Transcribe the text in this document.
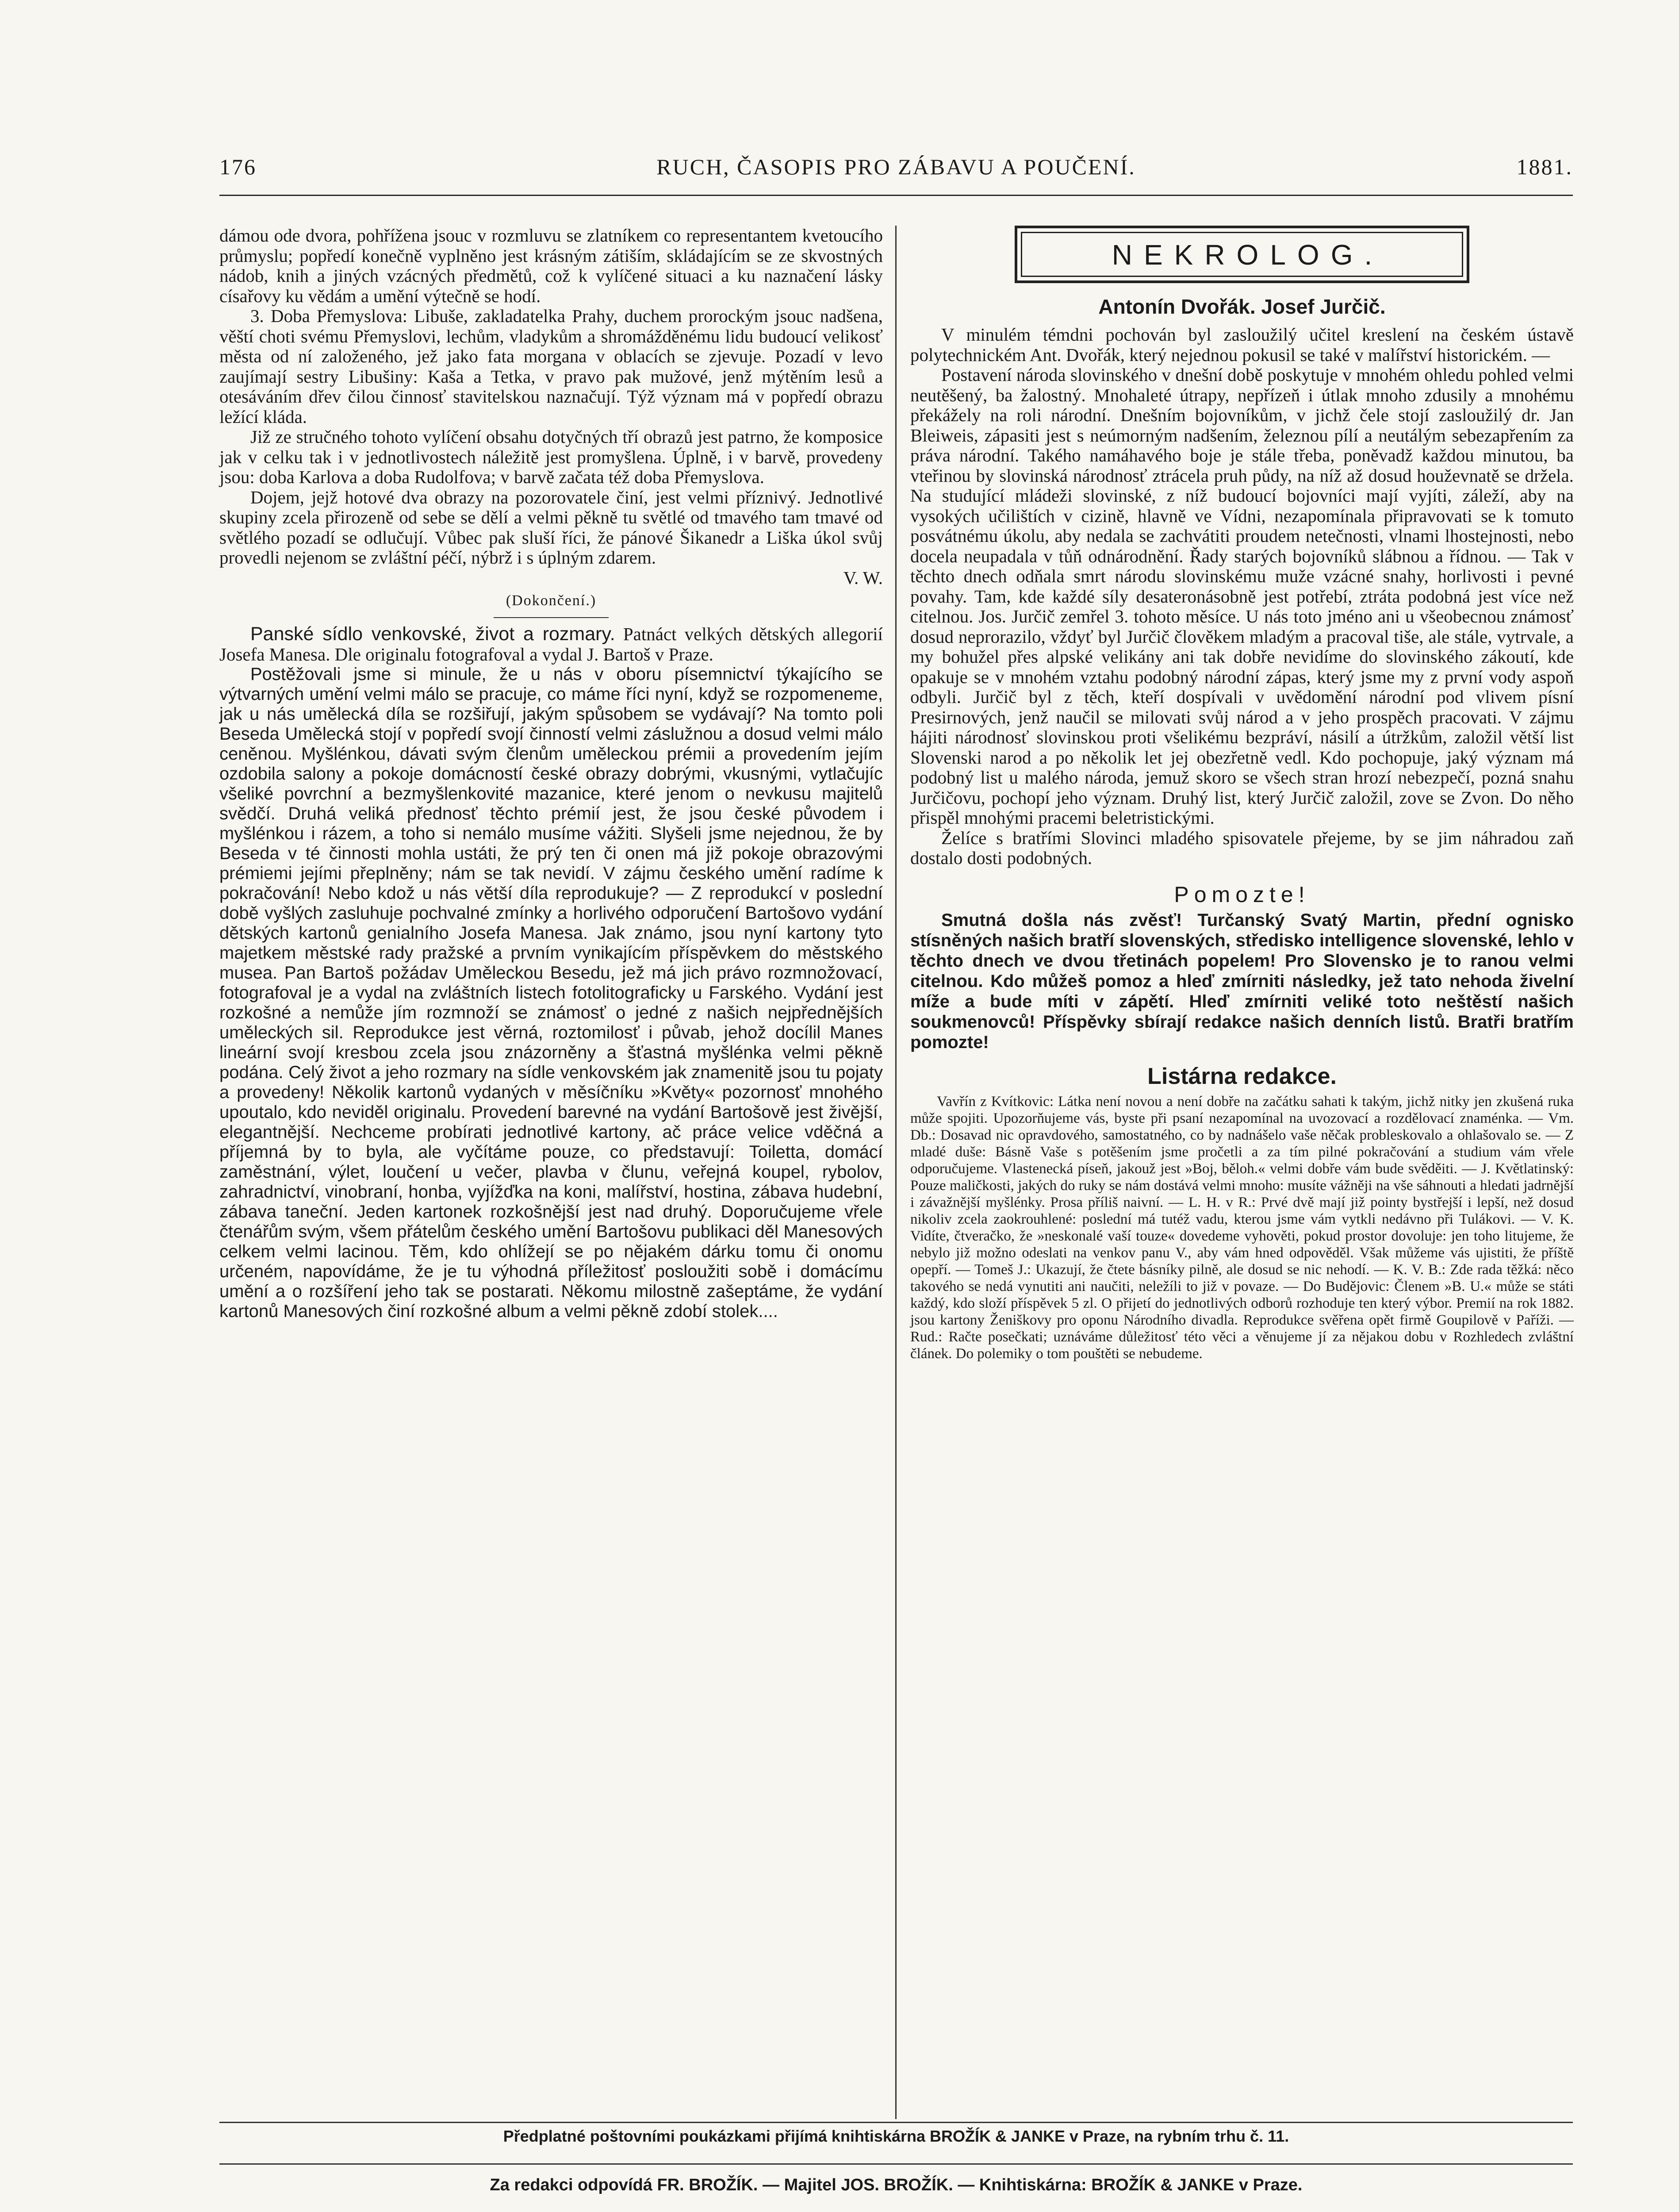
176	RUCH, ČASOPIS PRO ZÁBAVU A POUČENÍ.	1881.

dámou ode dvora, pohřížena jsouc v rozmluvu se zlatníkem co representantem kvetoucího průmyslu; popředí konečně vyplněno jest krásným zátiším, skládajícím se ze skvostných nádob, knih a jiných vzácných předmětů, což k vylíčené situaci a ku naznačení lásky císařovy ku vědám a umění výtečně se hodí.

3. Doba Přemyslova: Libuše, zakladatelka Prahy, duchem prorockým jsouc nadšena, věští choti svému Přemyslovi, lechům, vladykům a shromážděnému lidu budoucí velikosť města od ní založeného, jež jako fata morgana v oblacích se zjevuje. Pozadí v levo zaujímají sestry Libušiny: Kaša a Tetka, v pravo pak mužové, jenž mýtěním lesů a otesáváním dřev čilou činnosť stavitelskou naznačují. Týž význam má v popředí obrazu ležící kláda.

Již ze stručného tohoto vylíčení obsahu dotyčných tří obrazů jest patrno, že komposice jak v celku tak i v jednotlivostech náležitě jest promyšlena. Úplně, i v barvě, provedeny jsou: doba Karlova a doba Rudolfova; v barvě začata též doba Přemyslova.

Dojem, jejž hotové dva obrazy na pozorovatele činí, jest velmi příznivý. Jednotlivé skupiny zcela přirozeně od sebe se dělí a velmi pěkně tu světlé od tmavého tam tmavé od světlého pozadí se odlučují. Vůbec pak sluší říci, že pánové Šikanedr a Liška úkol svůj provedli nejenom se zvláštní péčí, nýbrž i s úplným zdarem.

V. W.
(Dokončení.)

Panské sídlo venkovské, život a rozmary. Patnáct velkých dětských allegorií Josefa Manesa. Dle originalu fotografoval a vydal J. Bartoš v Praze.

Postěžovali jsme si minule, že u nás v oboru písemnictví týkajícího se výtvarných umění velmi málo se pracuje, co máme říci nyní, když se rozpomeneme, jak u nás umělecká díla se rozšiřují, jakým spůsobem se vydávají? Na tomto poli Beseda Umělecká stojí v popředí svojí činností velmi záslužnou a dosud velmi málo ceněnou. Myšlénkou, dávati svým členům uměleckou prémii a provedením jejím ozdobila salony a pokoje domácností české obrazy dobrými, vkusnými, vytlačujíc všeliké povrchní a bezmyšlenkovité mazanice, které jenom o nevkusu majitelů svědčí. Druhá veliká přednosť těchto prémií jest, že jsou české původem i myšlénkou i rázem, a toho si nemálo musíme vážiti. Slyšeli jsme nejednou, že by Beseda v té činnosti mohla ustáti, že prý ten či onen má již pokoje obrazovými prémiemi jejími přeplněny; nám se tak nevidí. V zájmu českého umění radíme k pokračování! Nebo kdož u nás větší díla reprodukuje? — Z reprodukcí v poslední době vyšlých zasluhuje pochvalné zmínky a horlivého odporučení Bartošovo vydání dětských kartonů genialního Josefa Manesa. Jak známo, jsou nyní kartony tyto majetkem městské rady pražské a prvním vynikajícím příspěvkem do městského musea. Pan Bartoš požádav Uměleckou Besedu, jež má jich právo rozmnožovací, fotografoval je a vydal na zvláštních listech fotolitograficky u Farského. Vydání jest rozkošné a nemůže jím rozmnoží se známosť o jedné z našich nejpřednějších uměleckých sil. Reprodukce jest věrná, roztomilosť i půvab, jehož docílil Manes lineární svojí kresbou zcela jsou znázorněny a šťastná myšlénka velmi pěkně podána. Celý život a jeho rozmary na sídle venkovském jak znamenitě jsou tu pojaty a provedeny! Několik kartonů vydaných v měsíčníku »Květy« pozornosť mnohého upoutalo, kdo neviděl originalu. Provedení barevné na vydání Bartošově jest živější, elegantnější. Nechceme probírati jednotlivé kartony, ač práce velice vděčná a příjemná by to byla, ale vyčítáme pouze, co představují: Toiletta, domácí zaměstnání, výlet, loučení u večer, plavba v člunu, veřejná koupel, rybolov, zahradnictví, vinobraní, honba, vyjížďka na koni, malířství, hostina, zábava hudební, zábava taneční. Jeden kartonek rozkošnější jest nad druhý. Doporučujeme vřele čtenářům svým, všem přátelům českého umění Bartošovu publikaci děl Manesových celkem velmi lacinou. Těm, kdo ohlížejí se po nějakém dárku tomu či onomu určeném, napovídáme, že je tu výhodná příležitosť posloužiti sobě i domácímu umění a o rozšíření jeho tak se postarati. Někomu milostně zašeptáme, že vydání kartonů Manesových činí rozkošné album a velmi pěkně zdobí stolek....

NEKROLOG.
Antonín Dvořák. Josef Jurčič.

V minulém témdni pochován byl zasloužilý učitel kreslení na českém ústavě polytechnickém Ant. Dvořák, který nejednou pokusil se také v malířství historickém. —

Postavení národa slovinského v dnešní době poskytuje v mnohém ohledu pohled velmi neutěšený, ba žalostný. Mnohaleté útrapy, nepřízeň i útlak mnoho zdusily a mnohému překážely na roli národní. Dnešním bojovníkům, v jichž čele stojí zasloužilý dr. Jan Bleiweis, zápasiti jest s neúmorným nadšením, železnou pílí a neutálým sebezapřením za práva národní. Takého namáhavého boje je stále třeba, poněvadž každou minutou, ba vteřinou by slovinská národnosť ztrácela pruh půdy, na níž až dosud houževnatě se držela. Na studující mládeži slovinské, z níž budoucí bojovníci mají vyjíti, záleží, aby na vysokých učilištích v cizině, hlavně ve Vídni, nezapomínala připravovati se k tomuto posvátnému úkolu, aby nedala se zachvátiti proudem netečnosti, vlnami lhostejnosti, nebo docela neupadala v tůň odnárodnění. Řady starých bojovníků slábnou a řídnou. — Tak v těchto dnech odňala smrt národu slovinskému muže vzácné snahy, horlivosti i pevné povahy. Tam, kde každé síly desateronásobně jest potřebí, ztráta podobná jest více než citelnou. Jos. Jurčič zemřel 3. tohoto měsíce. U nás toto jméno ani u všeobecnou známosť dosud neprorazilo, vždyť byl Jurčič člověkem mladým a pracoval tiše, ale stále, vytrvale, a my bohužel přes alpské velikány ani tak dobře nevidíme do slovinského zákoutí, kde opakuje se v mnohém vztahu podobný národní zápas, který jsme my z první vody aspoň odbyli. Jurčič byl z těch, kteří dospívali v uvědomění národní pod vlivem písní Presirnových, jenž naučil se milovati svůj národ a v jeho prospěch pracovati. V zájmu hájiti národnosť slovinskou proti všelikému bezpráví, násilí a útržkům, založil větší list Slovenski narod a po několik let jej obezřetně vedl. Kdo pochopuje, jaký význam má podobný list u malého národa, jemuž skoro se všech stran hrozí nebezpečí, pozná snahu Jurčičovu, pochopí jeho význam. Druhý list, který Jurčič založil, zove se Zvon. Do něho přispěl mnohými pracemi beletristickými.

Želíce s bratřími Slovinci mladého spisovatele přejeme, by se jim náhradou zaň dostalo dosti podobných.

Pomozte!

Smutná došla nás zvěsť! Turčanský Svatý Martin, přední ognisko stísněných našich bratří slovenských, středisko intelligence slovenské, lehlo v těchto dnech ve dvou třetinách popelem! Pro Slovensko je to ranou velmi citelnou. Kdo můžeš pomoz a hleď zmírniti následky, jež tato nehoda živelní míže a bude míti v zápětí. Hleď zmírniti veliké toto neštěstí našich soukmenovců! Příspěvky sbírají redakce našich denních listů. Bratři bratřím pomozte!

Listárna redakce.

Vavřín z Kvítkovic: Látka není novou a není dobře na začátku sahati k takým, jichž nitky jen zkušená ruka může spojiti. Upozorňujeme vás, byste při psaní nezapomínal na uvozovací a rozdělovací znaménka. — Vm. Db.: Dosavad nic opravdového, samostatného, co by nadnášelo vaše něčak probleskovalo a ohlašovalo se. — Z mladé duše: Básně Vaše s potěšením jsme pročetli a za tím pilné pokračování a studium vám vřele odporučujeme. Vlastenecká píseň, jakouž jest »Boj, běloh.« velmi dobře vám bude svěděiti. — J. Květlatinský: Pouze maličkosti, jakých do ruky se nám dostává velmi mnoho: musíte vážněji na vše sáhnouti a hledati jadrnější i závažnější myšlénky. Prosa příliš naivní. — L. H. v R.: Prvé dvě mají již pointy bystřejší i lepší, než dosud nikoliv zcela zaokrouhlené: poslední má tutéž vadu, kterou jsme vám vytkli nedávno při Tulákovi. — V. K. Vidíte, čtveračko, že »neskonalé vaší touze« dovedeme vyhověti, pokud prostor dovoluje: jen toho litujeme, že nebylo již možno odeslati na venkov panu V., aby vám hned odpověděl. Však můžeme vás ujistiti, že příště opepří. — Tomeš J.: Ukazují, že čtete básníky pilně, ale dosud se nic nehodí. — K. V. B.: Zde rada těžká: něco takového se nedá vynutiti ani naučiti, neležíli to již v povaze. — Do Budějovic: Členem »B. U.« může se státi každý, kdo složí příspěvek 5 zl. O přijetí do jednotlivých odborů rozhoduje ten který výbor. Premií na rok 1882. jsou kartony Ženiškovy pro oponu Národního divadla. Reprodukce svěřena opět firmě Goupilově v Paříži. — Rud.: Račte posečkati; uznáváme důležitosť této věci a věnujeme jí za nějakou dobu v Rozhledech zvláštní článek. Do polemiky o tom pouštěti se nebudeme.

Předplatné poštovními poukázkami přijímá knihtiskárna BROŽÍK & JANKE v Praze, na rybním trhu č. 11.
Za redakci odpovídá FR. BROŽÍK. — Majitel JOS. BROŽÍK. — Knihtiskárna: BROŽÍK & JANKE v Praze.
